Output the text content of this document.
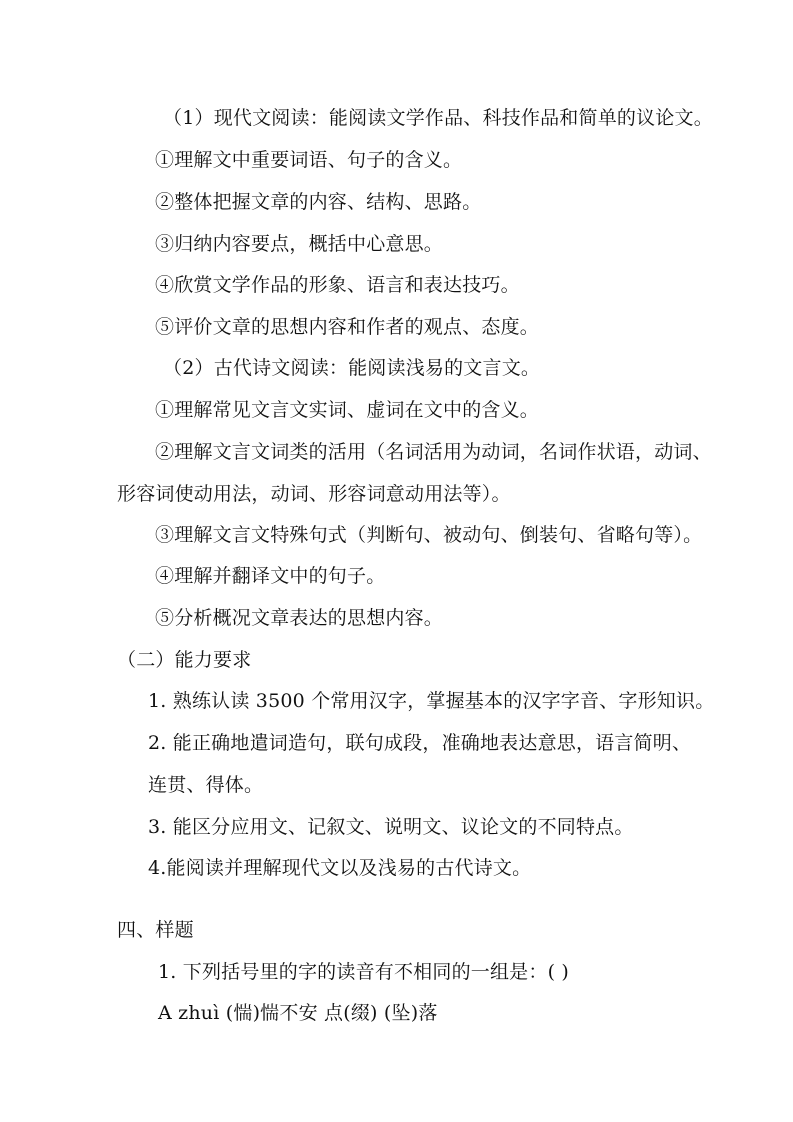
（1）现代文阅读：能阅读文学作品、科技作品和简单的议论文。
①理解文中重要词语、句子的含义。
②整体把握文章的内容、结构、思路。
③归纳内容要点，概括中心意思。
④欣赏文学作品的形象、语言和表达技巧。
⑤评价文章的思想内容和作者的观点、态度。
（2）古代诗文阅读：能阅读浅易的文言文。
①理解常见文言文实词、虚词在文中的含义。
②理解文言文词类的活用（名词活用为动词，名词作状语，动词、
形容词使动用法，动词、形容词意动用法等）。
③理解文言文特殊句式（判断句、被动句、倒装句、省略句等）。
④理解并翻译文中的句子。
⑤分析概况文章表达的思想内容。
（二）能力要求
1. 熟练认读 3500 个常用汉字，掌握基本的汉字字音、字形知识。
2. 能正确地遣词造句，联句成段，准确地表达意思，语言简明、
连贯、得体。
3. 能区分应用文、记叙文、说明文、议论文的不同特点。
4.能阅读并理解现代文以及浅易的古代诗文。
四、样题
1. 下列括号里的字的读音有不相同的一组是：( )
A zhuì (惴)惴不安 点(缀) (坠)落
